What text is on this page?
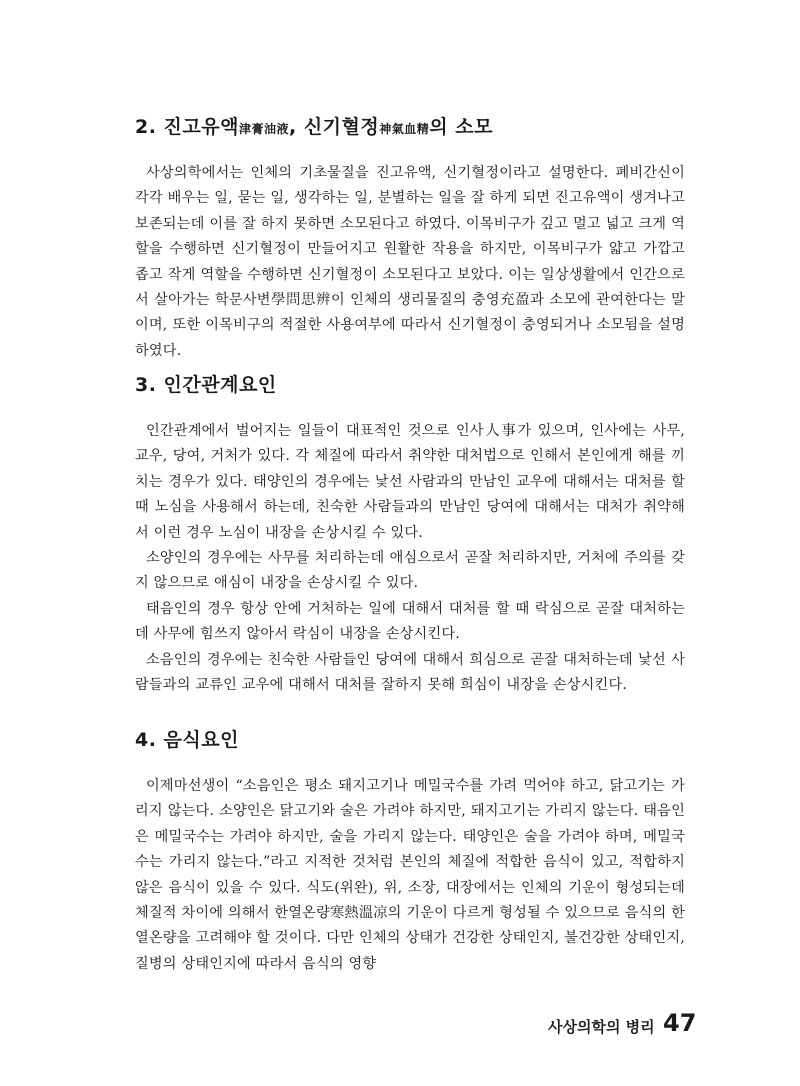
2. 진고유액津膏油液, 신기혈정神氣血精의 소모

사상의학에서는 인체의 기초물질을 진고유액, 신기혈정이라고 설명한다. 폐비간신이 각각 배우는 일, 묻는 일, 생각하는 일, 분별하는 일을 잘 하게 되면 진고유액이 생겨나고 보존되는데 이를 잘 하지 못하면 소모된다고 하였다. 이목비구가 깊고 멀고 넓고 크게 역할을 수행하면 신기혈정이 만들어지고 원활한 작용을 하지만, 이목비구가 얇고 가깝고 좁고 작게 역할을 수행하면 신기혈정이 소모된다고 보았다. 이는 일상생활에서 인간으로서 살아가는 학문사변學問思辨이 인체의 생리물질의 충영充盈과 소모에 관여한다는 말이며, 또한 이목비구의 적절한 사용여부에 따라서 신기혈정이 충영되거나 소모됨을 설명하였다.

3. 인간관계요인

인간관계에서 벌어지는 일들이 대표적인 것으로 인사人事가 있으며, 인사에는 사무, 교우, 당여, 거처가 있다. 각 체질에 따라서 취약한 대처법으로 인해서 본인에게 해를 끼치는 경우가 있다. 태양인의 경우에는 낯선 사람과의 만남인 교우에 대해서는 대처를 할 때 노심을 사용해서 하는데, 친숙한 사람들과의 만남인 당여에 대해서는 대처가 취약해서 이런 경우 노심이 내장을 손상시킬 수 있다.

소양인의 경우에는 사무를 처리하는데 애심으로서 곧잘 처리하지만, 거처에 주의를 갖지 않으므로 애심이 내장을 손상시킬 수 있다.

태음인의 경우 항상 안에 거처하는 일에 대해서 대처를 할 때 락심으로 곧잘 대처하는데 사무에 힘쓰지 않아서 락심이 내장을 손상시킨다.

소음인의 경우에는 친숙한 사람들인 당여에 대해서 희심으로 곧잘 대처하는데 낯선 사람들과의 교류인 교우에 대해서 대처를 잘하지 못해 희심이 내장을 손상시킨다.

4. 음식요인

이제마선생이 “소음인은 평소 돼지고기나 메밀국수를 가려 먹어야 하고, 닭고기는 가리지 않는다. 소양인은 닭고기와 술은 가려야 하지만, 돼지고기는 가리지 않는다. 태음인은 메밀국수는 가려야 하지만, 술을 가리지 않는다. 태양인은 술을 가려야 하며, 메밀국수는 가리지 않는다.”라고 지적한 것처럼 본인의 체질에 적합한 음식이 있고, 적합하지 않은 음식이 있을 수 있다. 식도(위완), 위, 소장, 대장에서는 인체의 기운이 형성되는데 체질적 차이에 의해서 한열온량寒熱溫凉의 기운이 다르게 형성될 수 있으므로 음식의 한열온량을 고려해야 할 것이다. 다만 인체의 상태가 건강한 상태인지, 불건강한 상태인지, 질병의 상태인지에 따라서 음식의 영향

사상의학의 병리 47
